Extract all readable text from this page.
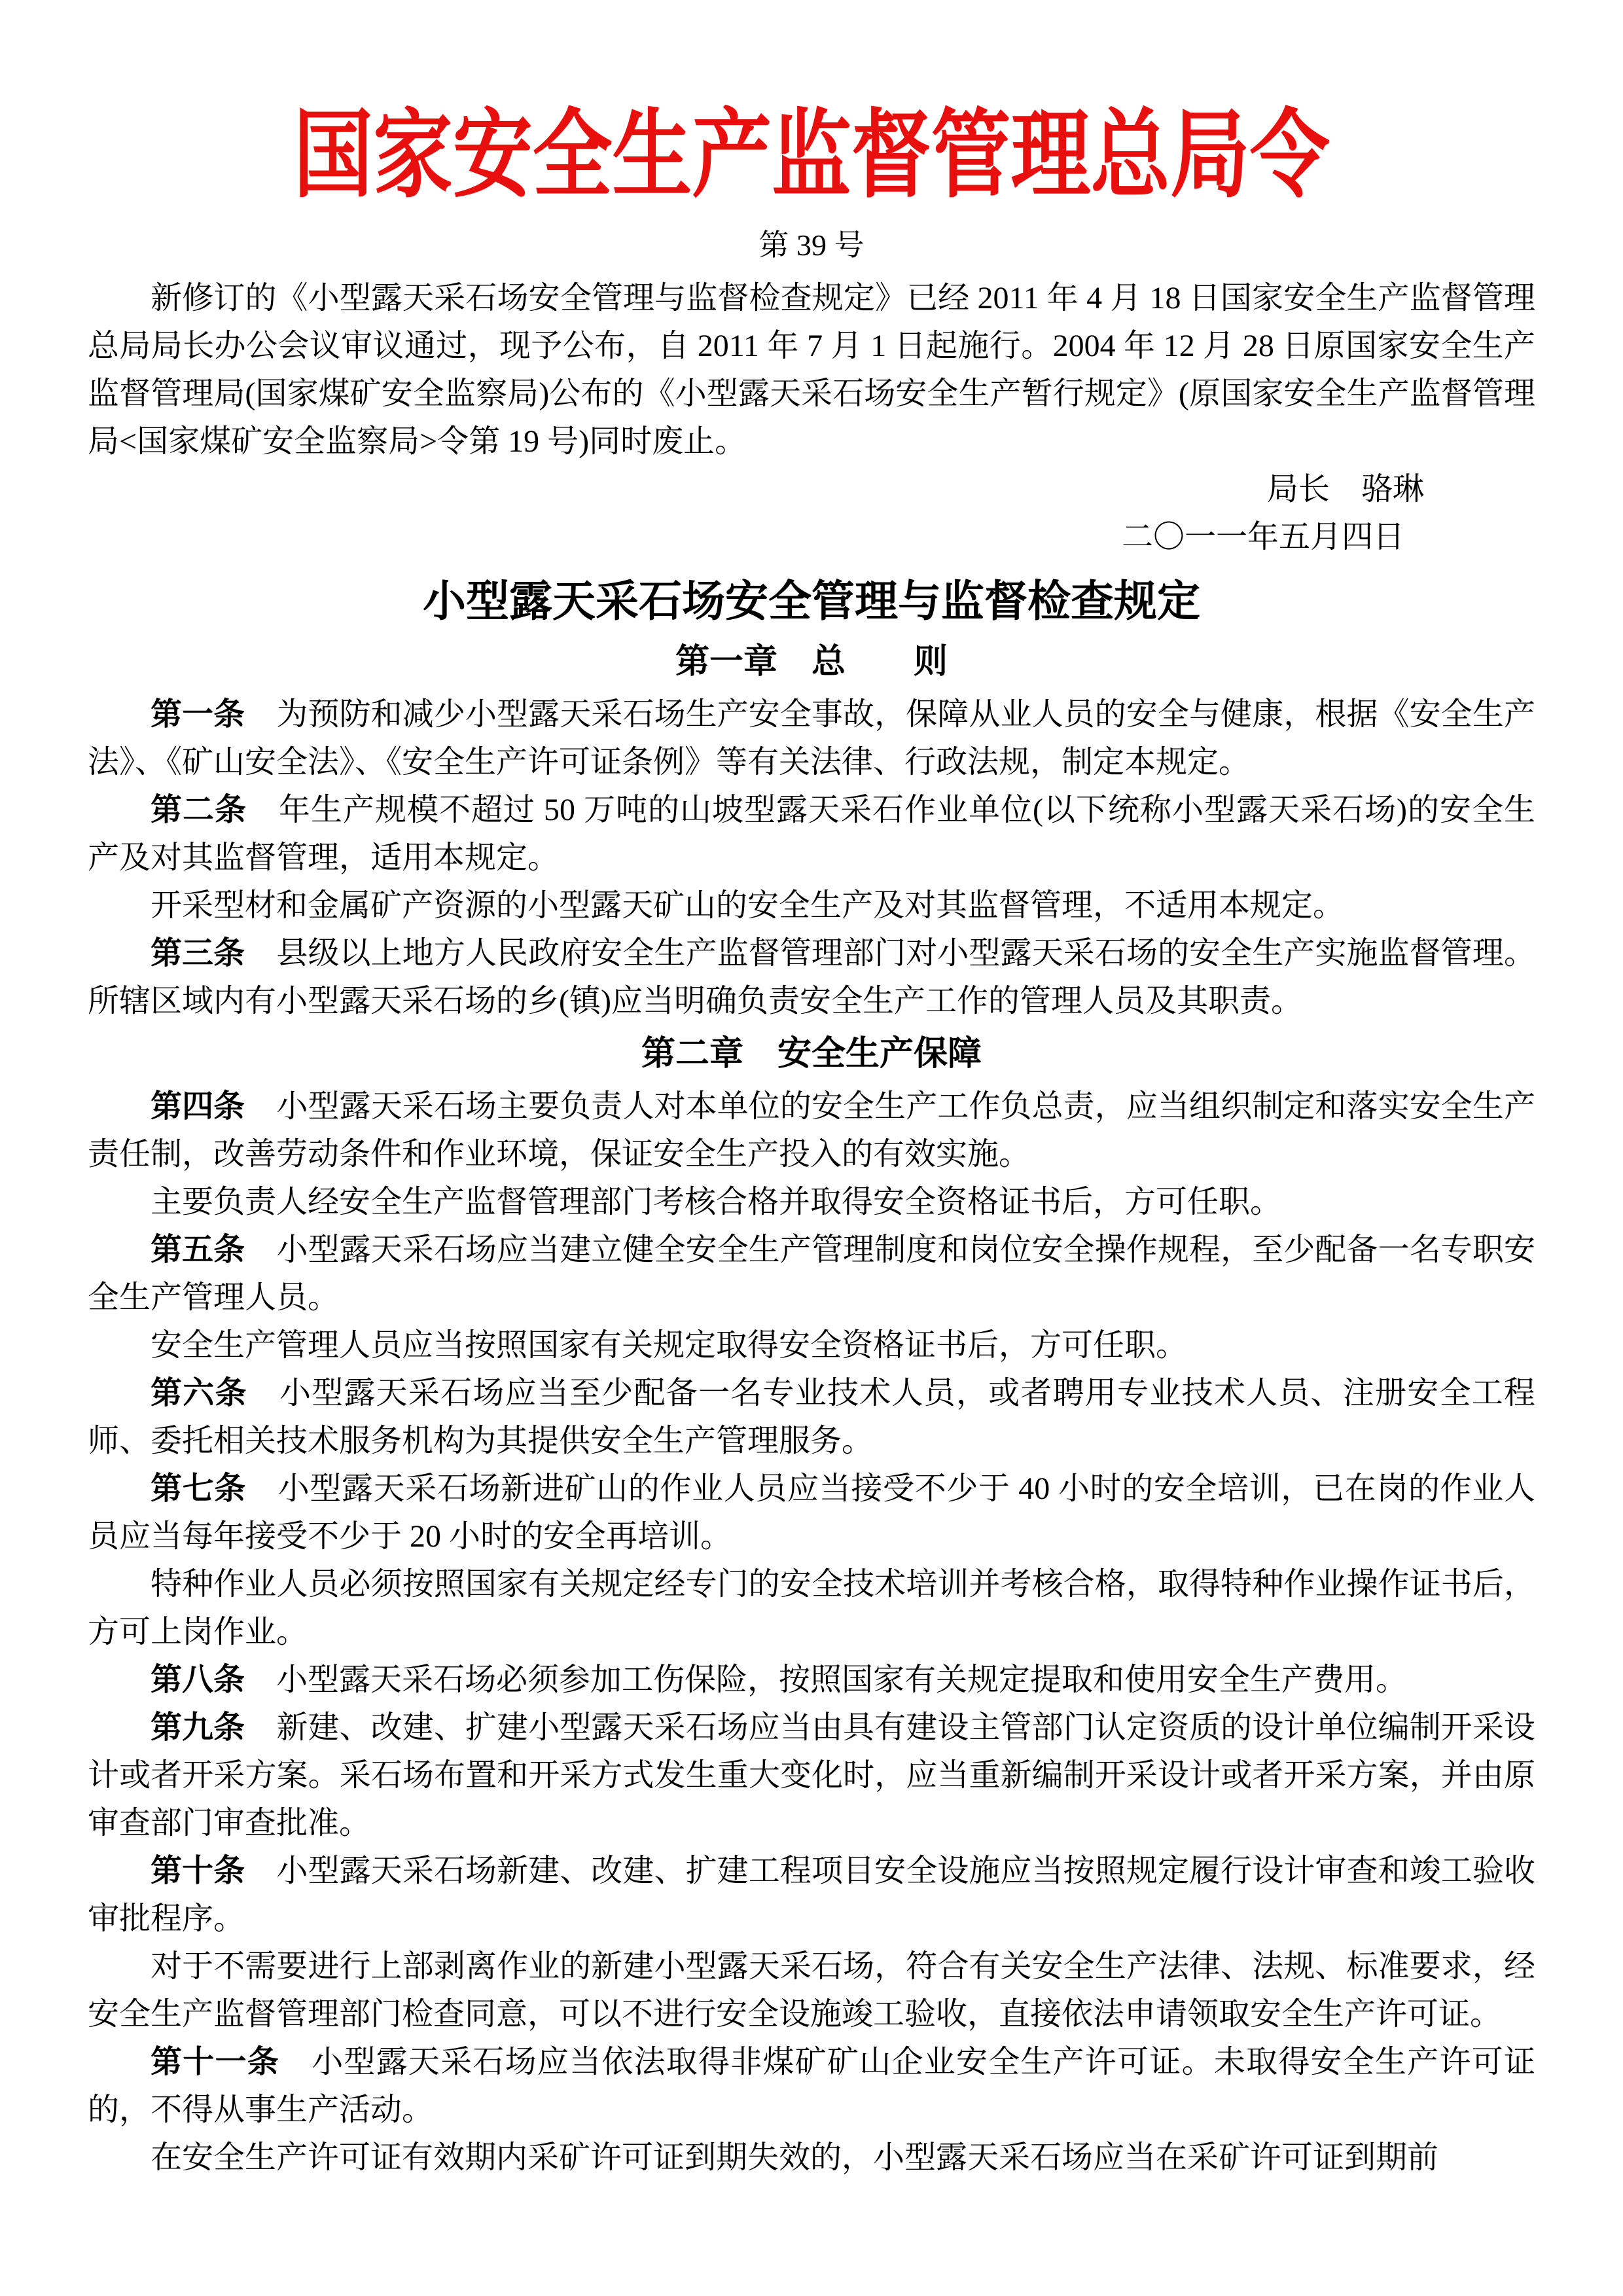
国家安全生产监督管理总局令
第 39 号

新修订的《小型露天采石场安全管理与监督检查规定》已经 2011 年 4 月 18 日国家安全生产监督管理总局局长办公会议审议通过，现予公布，自 2011 年 7 月 1 日起施行。2004 年 12 月 28 日原国家安全生产监督管理局(国家煤矿安全监察局)公布的《小型露天采石场安全生产暂行规定》(原国家安全生产监督管理局<国家煤矿安全监察局>令第 19 号)同时废止。

局长　骆琳

二〇一一年五月四日

小型露天采石场安全管理与监督检查规定

第一章　总　　则

第一条　为预防和减少小型露天采石场生产安全事故，保障从业人员的安全与健康，根据《安全生产法》、《矿山安全法》、《安全生产许可证条例》等有关法律、行政法规，制定本规定。

第二条　年生产规模不超过 50 万吨的山坡型露天采石作业单位(以下统称小型露天采石场)的安全生产及对其监督管理，适用本规定。

开采型材和金属矿产资源的小型露天矿山的安全生产及对其监督管理，不适用本规定。

第三条　县级以上地方人民政府安全生产监督管理部门对小型露天采石场的安全生产实施监督管理。所辖区域内有小型露天采石场的乡(镇)应当明确负责安全生产工作的管理人员及其职责。

第二章　安全生产保障

第四条　小型露天采石场主要负责人对本单位的安全生产工作负总责，应当组织制定和落实安全生产责任制，改善劳动条件和作业环境，保证安全生产投入的有效实施。

主要负责人经安全生产监督管理部门考核合格并取得安全资格证书后，方可任职。

第五条　小型露天采石场应当建立健全安全生产管理制度和岗位安全操作规程，至少配备一名专职安全生产管理人员。

安全生产管理人员应当按照国家有关规定取得安全资格证书后，方可任职。

第六条　小型露天采石场应当至少配备一名专业技术人员，或者聘用专业技术人员、注册安全工程师、委托相关技术服务机构为其提供安全生产管理服务。

第七条　小型露天采石场新进矿山的作业人员应当接受不少于 40 小时的安全培训，已在岗的作业人员应当每年接受不少于 20 小时的安全再培训。

特种作业人员必须按照国家有关规定经专门的安全技术培训并考核合格，取得特种作业操作证书后，方可上岗作业。

第八条　小型露天采石场必须参加工伤保险，按照国家有关规定提取和使用安全生产费用。

第九条　新建、改建、扩建小型露天采石场应当由具有建设主管部门认定资质的设计单位编制开采设计或者开采方案。采石场布置和开采方式发生重大变化时，应当重新编制开采设计或者开采方案，并由原审查部门审查批准。

第十条　小型露天采石场新建、改建、扩建工程项目安全设施应当按照规定履行设计审查和竣工验收审批程序。

对于不需要进行上部剥离作业的新建小型露天采石场，符合有关安全生产法律、法规、标准要求，经安全生产监督管理部门检查同意，可以不进行安全设施竣工验收，直接依法申请领取安全生产许可证。

第十一条　小型露天采石场应当依法取得非煤矿矿山企业安全生产许可证。未取得安全生产许可证的，不得从事生产活动。

在安全生产许可证有效期内采矿许可证到期失效的，小型露天采石场应当在采矿许可证到期前
